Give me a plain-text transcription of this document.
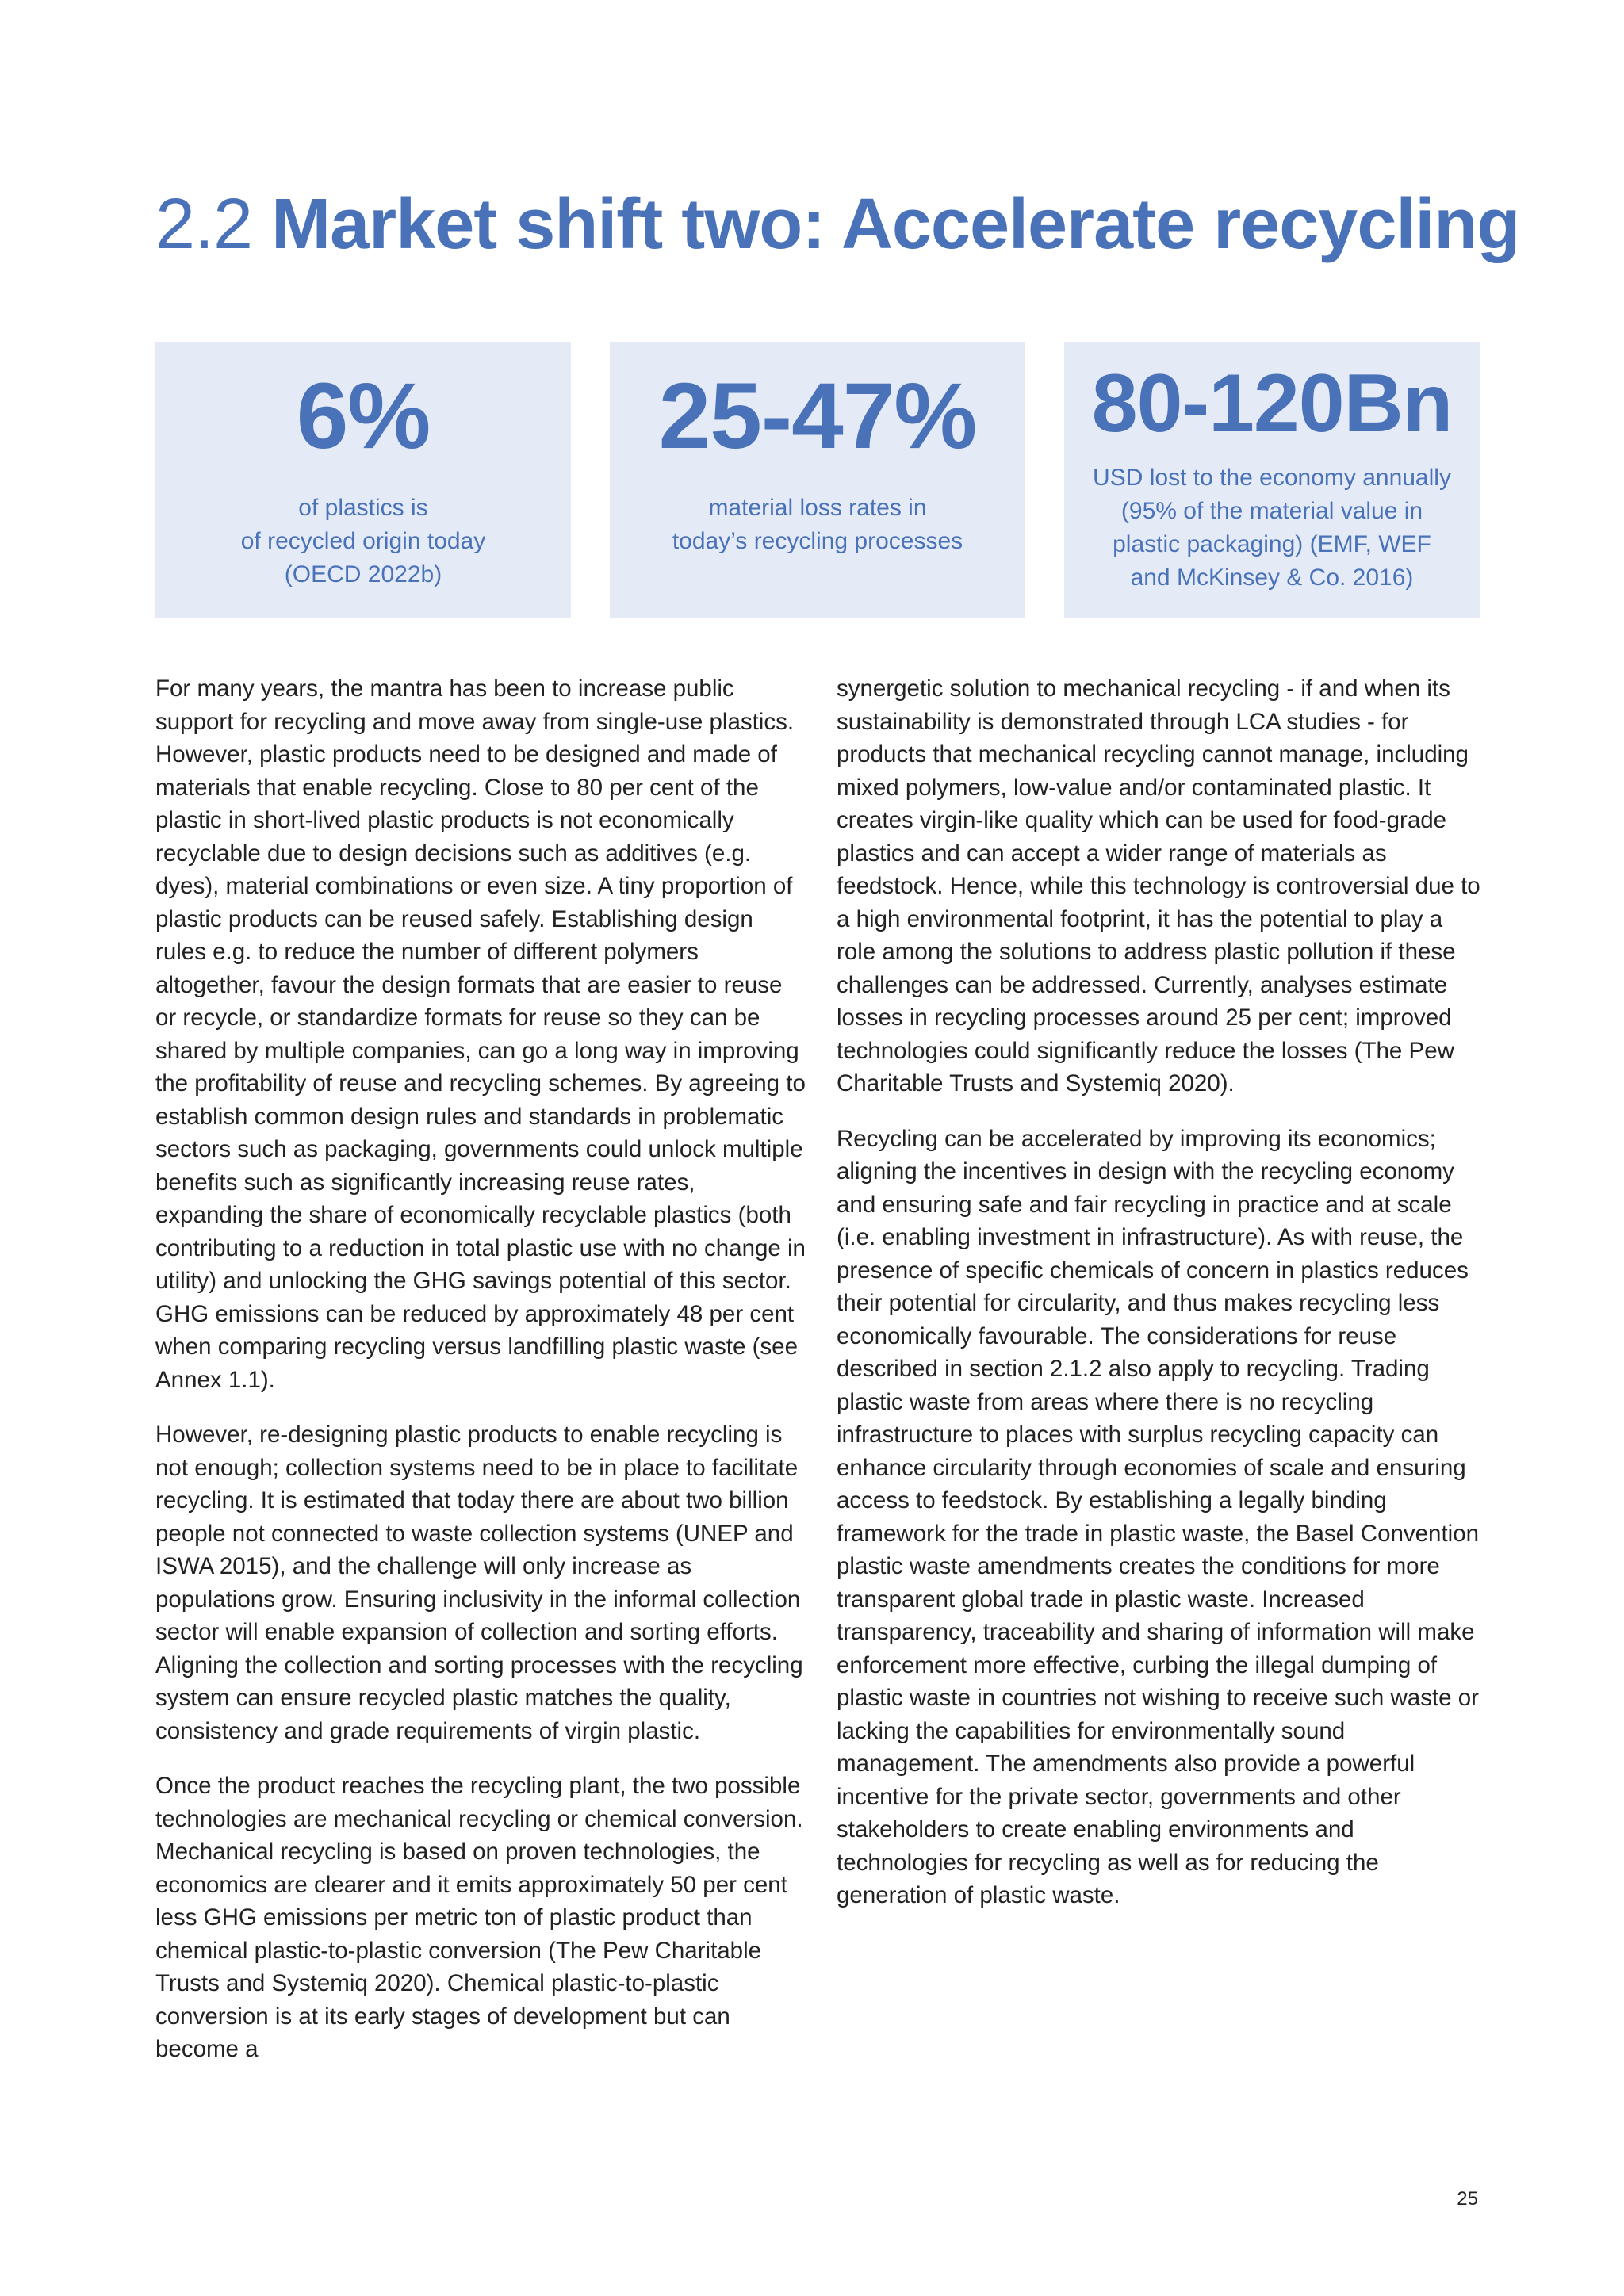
2.2 Market shift two: Accelerate recycling
6%
of plastics is
of recycled origin today
(OECD 2022b)
25-47%
material loss rates in
today’s recycling processes
80-120Bn
USD lost to the economy annually
(95% of the material value in
plastic packaging) (EMF, WEF
and McKinsey & Co. 2016)

For many years, the mantra has been to increase public support for recycling and move away from single-use plastics. However, plastic products need to be designed and made of materials that enable recycling. Close to 80 per cent of the plastic in short-lived plastic products is not economically recyclable due to design decisions such as additives (e.g. dyes), material combinations or even size. A tiny proportion of plastic products can be reused safely. Establishing design rules e.g. to reduce the number of different polymers altogether, favour the design formats that are easier to reuse or recycle, or standardize formats for reuse so they can be shared by multiple companies, can go a long way in improving the profitability of reuse and recycling schemes. By agreeing to establish common design rules and standards in problematic sectors such as packaging, governments could unlock multiple benefits such as significantly increasing reuse rates, expanding the share of economically recyclable plastics (both contributing to a reduction in total plastic use with no change in utility) and unlocking the GHG savings potential of this sector. GHG emissions can be reduced by approximately 48 per cent when comparing recycling versus landfilling plastic waste (see Annex 1.1).

However, re-designing plastic products to enable recycling is not enough; collection systems need to be in place to facilitate recycling. It is estimated that today there are about two billion people not connected to waste collection systems (UNEP and ISWA 2015), and the challenge will only increase as populations grow. Ensuring inclusivity in the informal collection sector will enable expansion of collection and sorting efforts. Aligning the collection and sorting processes with the recycling system can ensure recycled plastic matches the quality, consistency and grade requirements of virgin plastic.

Once the product reaches the recycling plant, the two possible technologies are mechanical recycling or chemical conversion. Mechanical recycling is based on proven technologies, the economics are clearer and it emits approximately 50 per cent less GHG emissions per metric ton of plastic product than chemical plastic-to-plastic conversion (The Pew Charitable Trusts and Systemiq 2020). Chemical plastic-to-plastic conversion is at its early stages of development but can become a

synergetic solution to mechanical recycling - if and when its sustainability is demonstrated through LCA studies - for products that mechanical recycling cannot manage, including mixed polymers, low-value and/or contaminated plastic. It creates virgin-like quality which can be used for food-grade plastics and can accept a wider range of materials as feedstock. Hence, while this technology is controversial due to a high environmental footprint, it has the potential to play a role among the solutions to address plastic pollution if these challenges can be addressed. Currently, analyses estimate losses in recycling processes around 25 per cent; improved technologies could significantly reduce the losses (The Pew Charitable Trusts and Systemiq 2020).

Recycling can be accelerated by improving its economics; aligning the incentives in design with the recycling economy and ensuring safe and fair recycling in practice and at scale (i.e. enabling investment in infrastructure). As with reuse, the presence of specific chemicals of concern in plastics reduces their potential for circularity, and thus makes recycling less economically favourable. The considerations for reuse described in section 2.1.2 also apply to recycling. Trading plastic waste from areas where there is no recycling infrastructure to places with surplus recycling capacity can enhance circularity through economies of scale and ensuring access to feedstock. By establishing a legally binding framework for the trade in plastic waste, the Basel Convention plastic waste amendments creates the conditions for more transparent global trade in plastic waste. Increased transparency, traceability and sharing of information will make enforcement more effective, curbing the illegal dumping of plastic waste in countries not wishing to receive such waste or lacking the capabilities for environmentally sound management. The amendments also provide a powerful incentive for the private sector, governments and other stakeholders to create enabling environments and technologies for recycling as well as for reducing the generation of plastic waste.

25
